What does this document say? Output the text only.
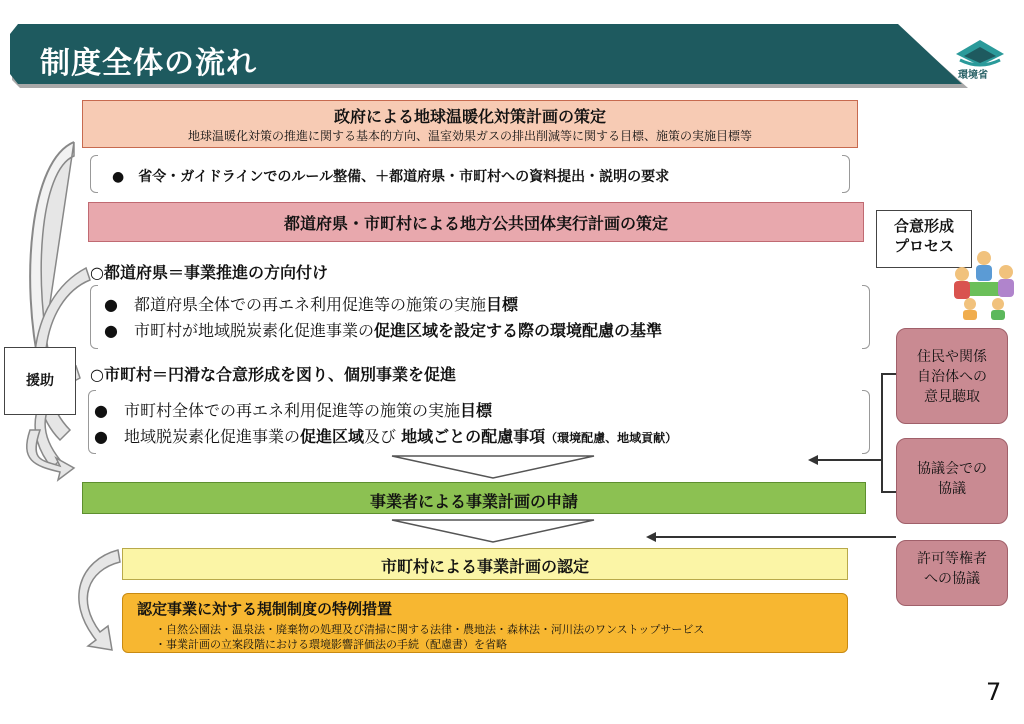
制度全体の流れ	環境省
政府による地球温暖化対策計画の策定
地球温暖化対策の推進に関する基本的方向、温室効果ガスの排出削減等に関する目標、施策の実施目標等
●　省令・ガイドラインでのルール整備、＋都道府県・市町村への資料提出・説明の要求
都道府県・市町村による地方公共団体実行計画の策定
○都道府県＝事業推進の方向付け
●　都道府県全体での再エネ利用促進等の施策の実施目標
●　市町村が地域脱炭素化促進事業の促進区域を設定する際の環境配慮の基準
○市町村＝円滑な合意形成を図り、個別事業を促進
●　市町村全体での再エネ利用促進等の施策の実施目標
●　地域脱炭素化促進事業の促進区域及び 地域ごとの配慮事項（環境配慮、地域貢献）
事業者による事業計画の申請
市町村による事業計画の認定
認定事業に対する規制制度の特例措置
・自然公園法・温泉法・廃棄物の処理及び清掃に関する法律・農地法・森林法・河川法のワンストップサービス
・事業計画の立案段階における環境影響評価法の手続（配慮書）を省略
援助
合意形成
プロセス
住民や関係
自治体への
意見聴取
協議会での
協議
許可等権者
への協議
7
